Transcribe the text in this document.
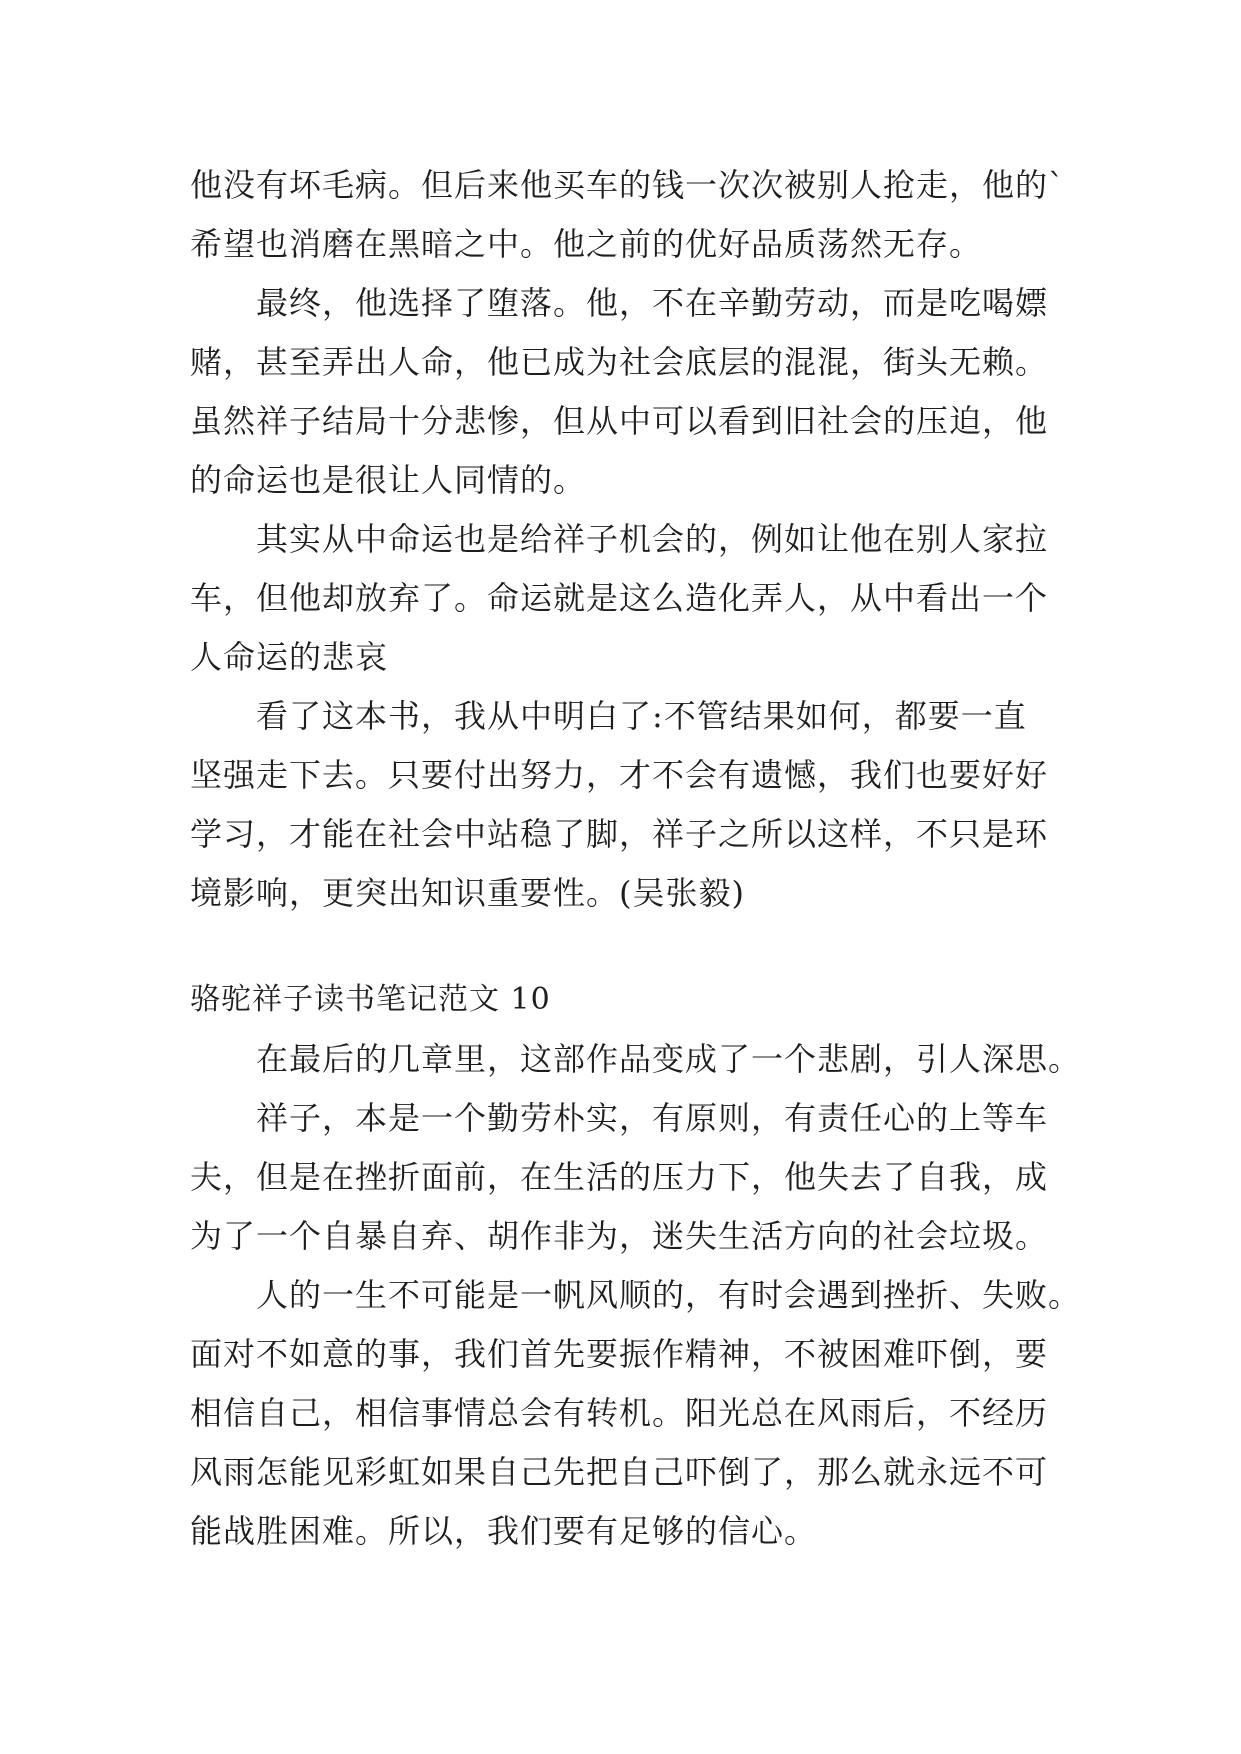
他没有坏毛病。但后来他买车的钱一次次被别人抢走，他的`
希望也消磨在黑暗之中。他之前的优好品质荡然无存。
最终，他选择了堕落。他，不在辛勤劳动，而是吃喝嫖
赌，甚至弄出人命，他已成为社会底层的混混，街头无赖。
虽然祥子结局十分悲惨，但从中可以看到旧社会的压迫，他
的命运也是很让人同情的。
其实从中命运也是给祥子机会的，例如让他在别人家拉
车，但他却放弃了。命运就是这么造化弄人，从中看出一个
人命运的悲哀
看了这本书，我从中明白了:不管结果如何，都要一直
坚强走下去。只要付出努力，才不会有遗憾，我们也要好好
学习，才能在社会中站稳了脚，祥子之所以这样，不只是环
境影响，更突出知识重要性。(吴张毅)
骆驼祥子读书笔记范文 10
在最后的几章里，这部作品变成了一个悲剧，引人深思。
祥子，本是一个勤劳朴实，有原则，有责任心的上等车
夫，但是在挫折面前，在生活的压力下，他失去了自我，成
为了一个自暴自弃、胡作非为，迷失生活方向的社会垃圾。
人的一生不可能是一帆风顺的，有时会遇到挫折、失败。
面对不如意的事，我们首先要振作精神，不被困难吓倒，要
相信自己，相信事情总会有转机。阳光总在风雨后，不经历
风雨怎能见彩虹如果自己先把自己吓倒了，那么就永远不可
能战胜困难。所以，我们要有足够的信心。
